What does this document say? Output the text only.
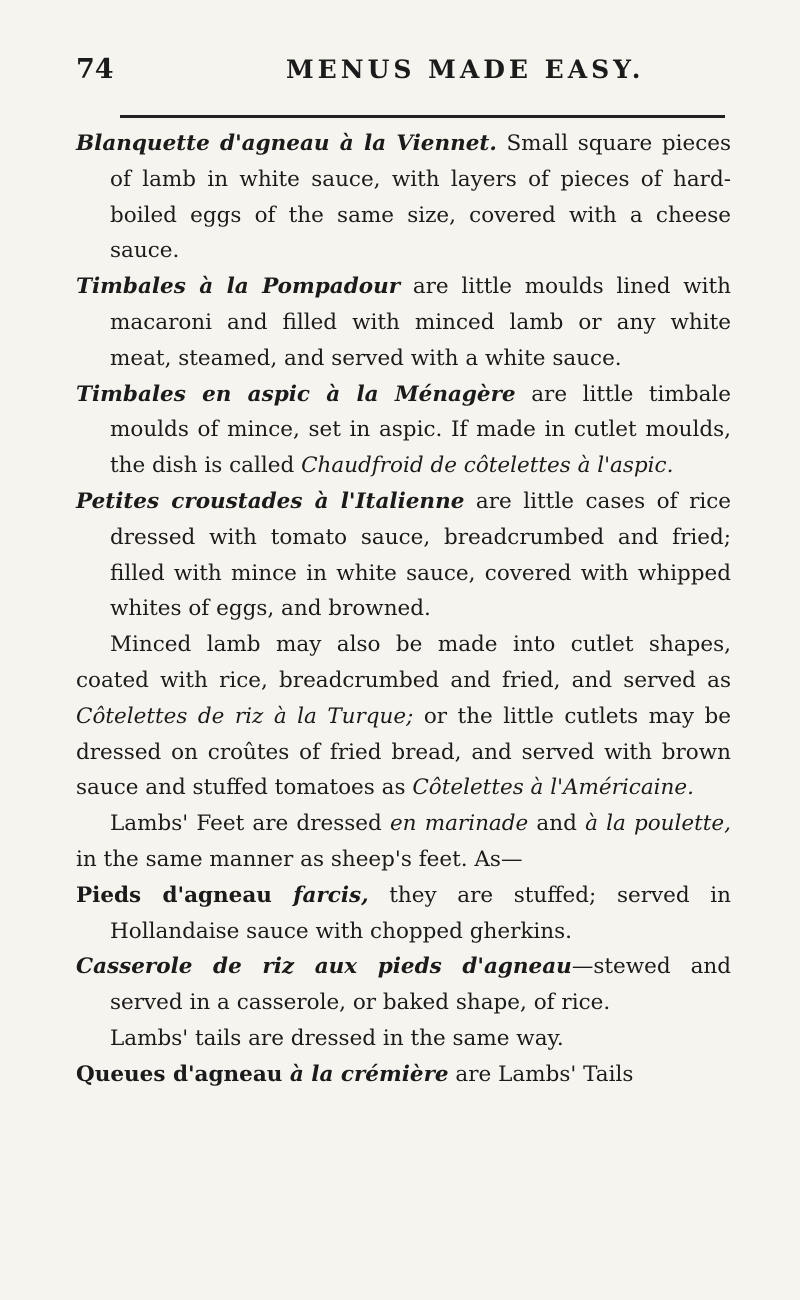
74	MENUS MADE EASY.

Blanquette d'agneau à la Viennet. Small square pieces of lamb in white sauce, with layers of pieces of hard-boiled eggs of the same size, covered with a cheese sauce.

Timbales à la Pompadour are little moulds lined with macaroni and filled with minced lamb or any white meat, steamed, and served with a white sauce.

Timbales en aspic à la Ménagère are little timbale moulds of mince, set in aspic. If made in cutlet moulds, the dish is called Chaudfroid de côtelettes à l'aspic.

Petites croustades à l'Italienne are little cases of rice dressed with tomato sauce, breadcrumbed and fried; filled with mince in white sauce, covered with whipped whites of eggs, and browned.

Minced lamb may also be made into cutlet shapes, coated with rice, breadcrumbed and fried, and served as Côtelettes de riz à la Turque; or the little cutlets may be dressed on croûtes of fried bread, and served with brown sauce and stuffed tomatoes as Côtelettes à l'Américaine.

Lambs' Feet are dressed en marinade and à la poulette, in the same manner as sheep's feet. As—

Pieds d'agneau farcis, they are stuffed; served in Hollandaise sauce with chopped gherkins.

Casserole de riz aux pieds d'agneau—stewed and served in a casserole, or baked shape, of rice.

Lambs' tails are dressed in the same way.

Queues d'agneau à la crémière are Lambs' Tails
